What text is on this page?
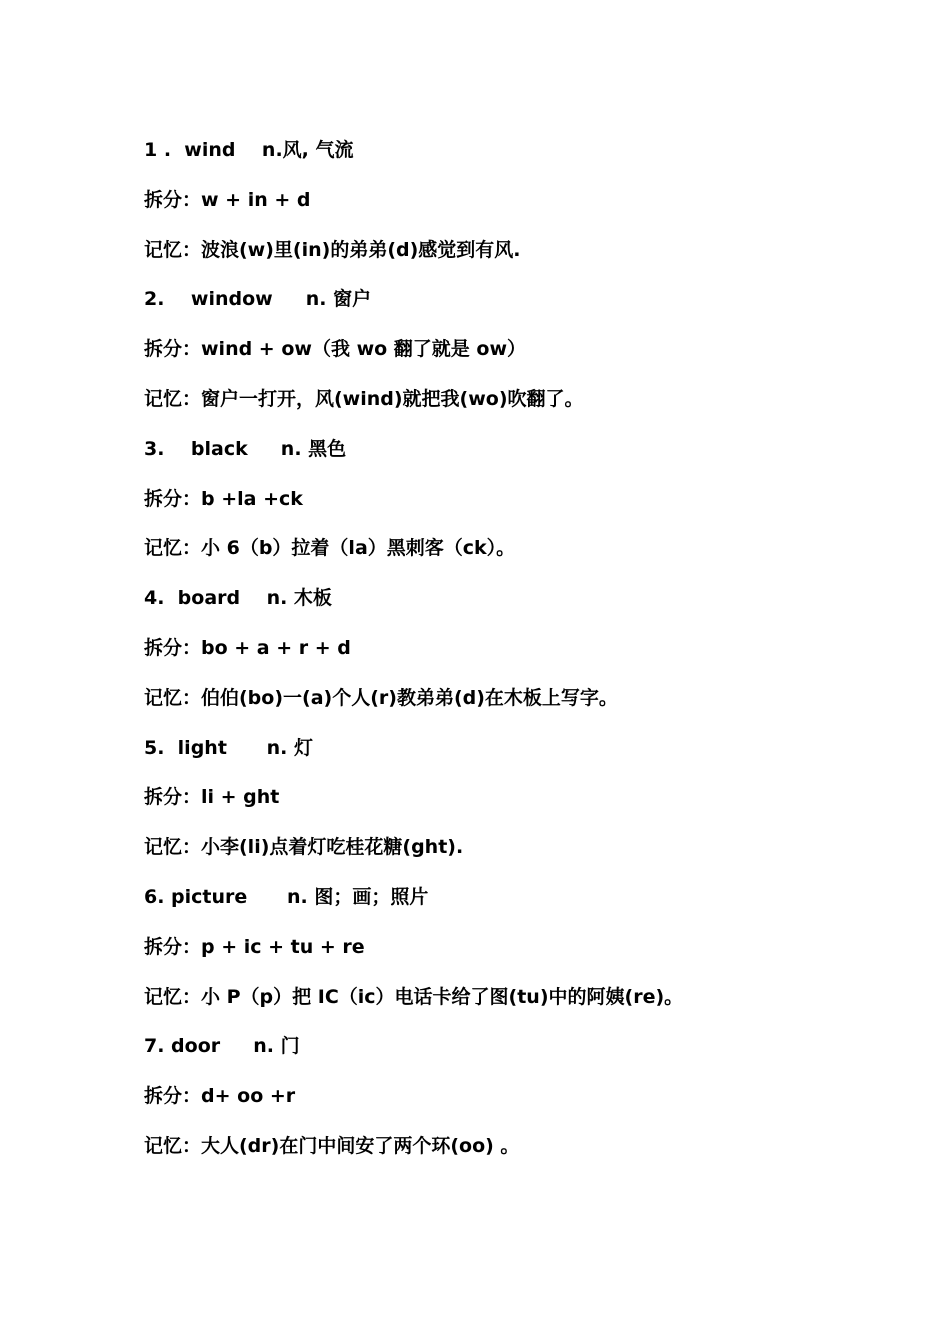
1 .  wind    n.风, 气流
拆分：w + in + d
记忆：波浪(w)里(in)的弟弟(d)感觉到有风.
2.    window     n. 窗户
拆分：wind + ow（我 wo 翻了就是 ow）
记忆：窗户一打开，风(wind)就把我(wo)吹翻了。
3.    black     n. 黑色
拆分：b +la +ck
记忆：小 6（b）拉着（la）黑刺客（ck）。
4.  board    n. 木板
拆分：bo + a + r + d
记忆：伯伯(bo)一(a)个人(r)教弟弟(d)在木板上写字。
5.  light      n. 灯
拆分：li + ght
记忆：小李(li)点着灯吃桂花糖(ght).
6. picture      n. 图；画；照片
拆分：p + ic + tu + re
记忆：小 P（p）把 IC（ic）电话卡给了图(tu)中的阿姨(re)。
7. door     n. 门
拆分：d+ oo +r
记忆：大人(dr)在门中间安了两个环(oo) 。
